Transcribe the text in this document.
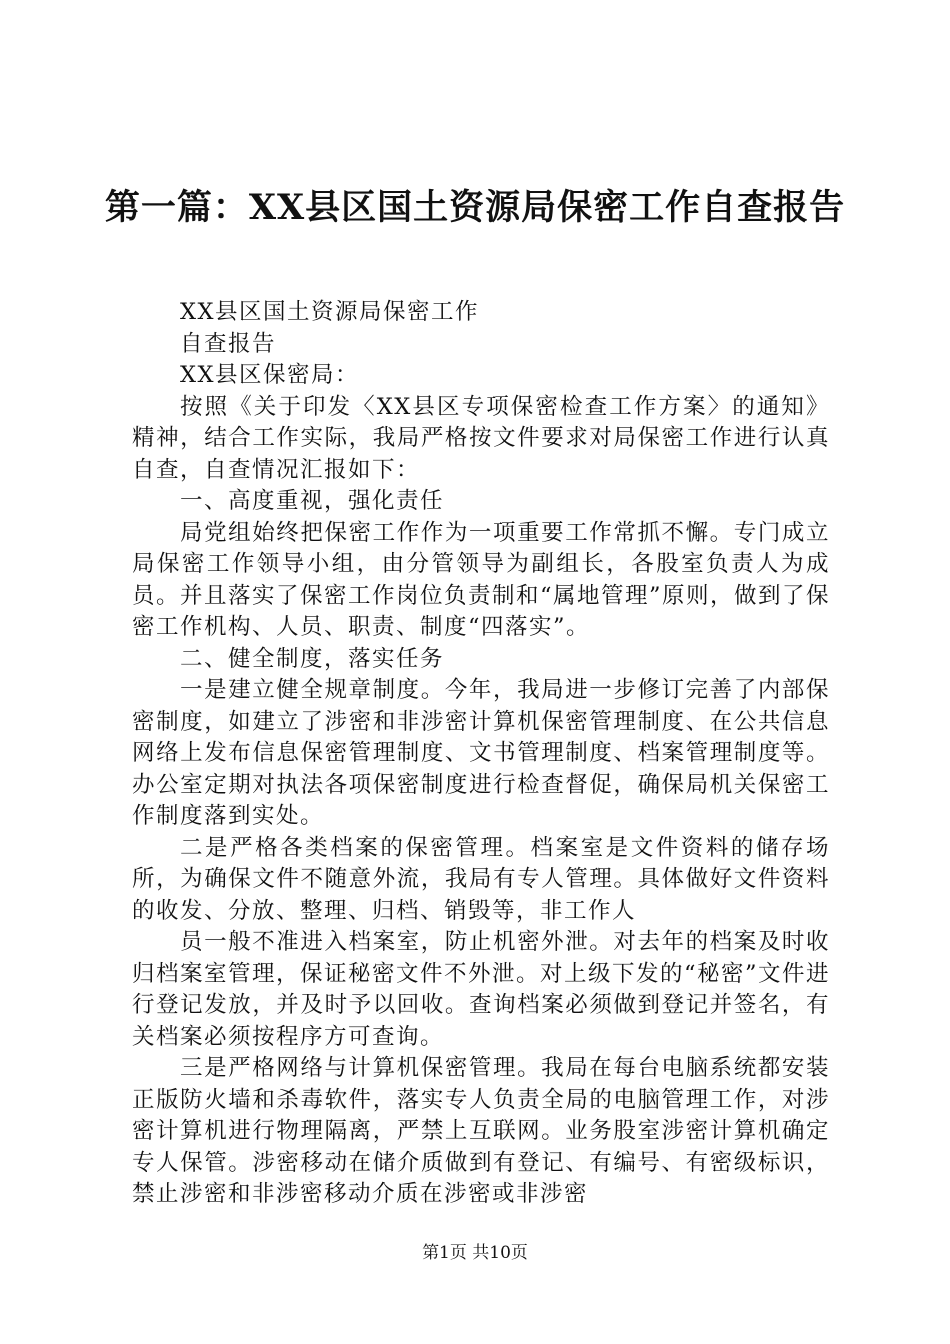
第一篇：XX县区国土资源局保密工作自查报告

XX县区国土资源局保密工作

自查报告

XX县区保密局：

按照《关于印发〈XX县区专项保密检查工作方案〉的通知》精神，结合工作实际，我局严格按文件要求对局保密工作进行认真自查，自查情况汇报如下：

一、高度重视，强化责任

局党组始终把保密工作作为一项重要工作常抓不懈。专门成立局保密工作领导小组，由分管领导为副组长，各股室负责人为成员。并且落实了保密工作岗位负责制和“属地管理”原则，做到了保密工作机构、人员、职责、制度“四落实”。

二、健全制度，落实任务

一是建立健全规章制度。今年，我局进一步修订完善了内部保密制度，如建立了涉密和非涉密计算机保密管理制度、在公共信息网络上发布信息保密管理制度、文书管理制度、档案管理制度等。办公室定期对执法各项保密制度进行检查督促，确保局机关保密工作制度落到实处。

二是严格各类档案的保密管理。档案室是文件资料的储存场所，为确保文件不随意外流，我局有专人管理。具体做好文件资料的收发、分放、整理、归档、销毁等，非工作人

员一般不准进入档案室，防止机密外泄。对去年的档案及时收归档案室管理，保证秘密文件不外泄。对上级下发的“秘密”文件进行登记发放，并及时予以回收。查询档案必须做到登记并签名，有关档案必须按程序方可查询。

三是严格网络与计算机保密管理。我局在每台电脑系统都安装正版防火墙和杀毒软件，落实专人负责全局的电脑管理工作，对涉密计算机进行物理隔离，严禁上互联网。业务股室涉密计算机确定专人保管。涉密移动在储介质做到有登记、有编号、有密级标识，禁止涉密和非涉密移动介质在涉密或非涉密

第1页 共10页
